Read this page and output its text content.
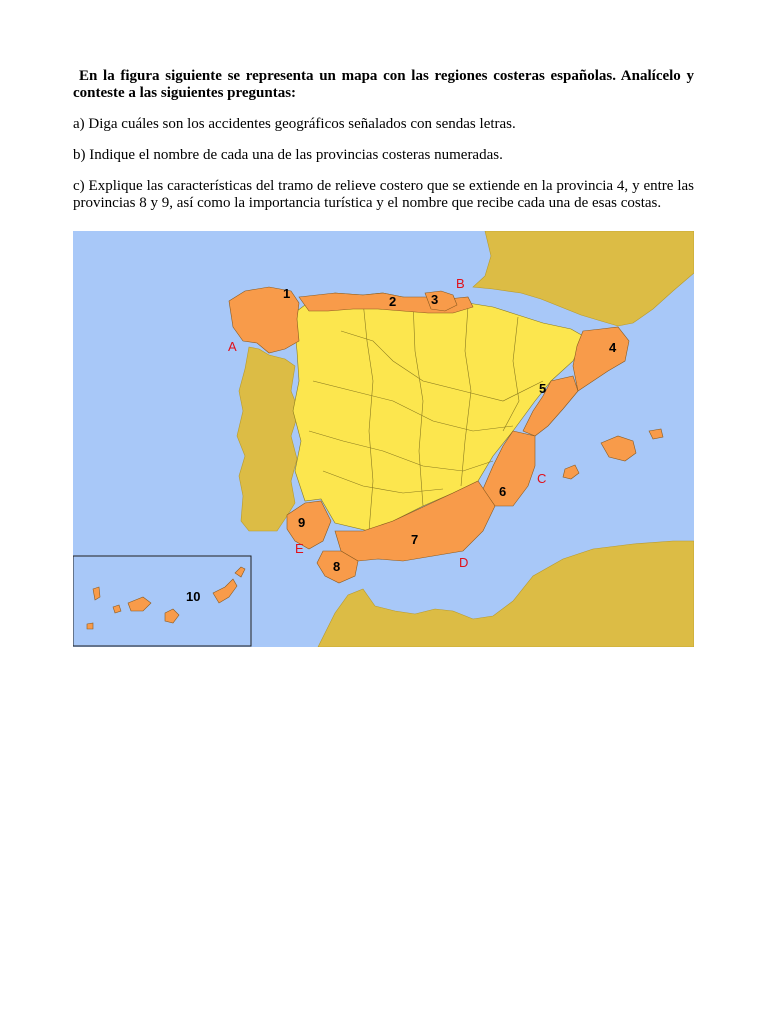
En la figura siguiente se representa un mapa con las regiones costeras españolas. Analícelo y conteste a las siguientes preguntas:

a) Diga cuáles son los accidentes geográficos señalados con sendas letras.

b) Indique el nombre de cada una de las provincias costeras numeradas.

c) Explique las características del tramo de relieve costero que se extiende en la provincia 4, y entre las provincias 8 y 9, así como la importancia turística y el nombre que recibe cada una de esas costas.

1
2	3
4
5
6
7
8
9
10
A
B
C
D
E
